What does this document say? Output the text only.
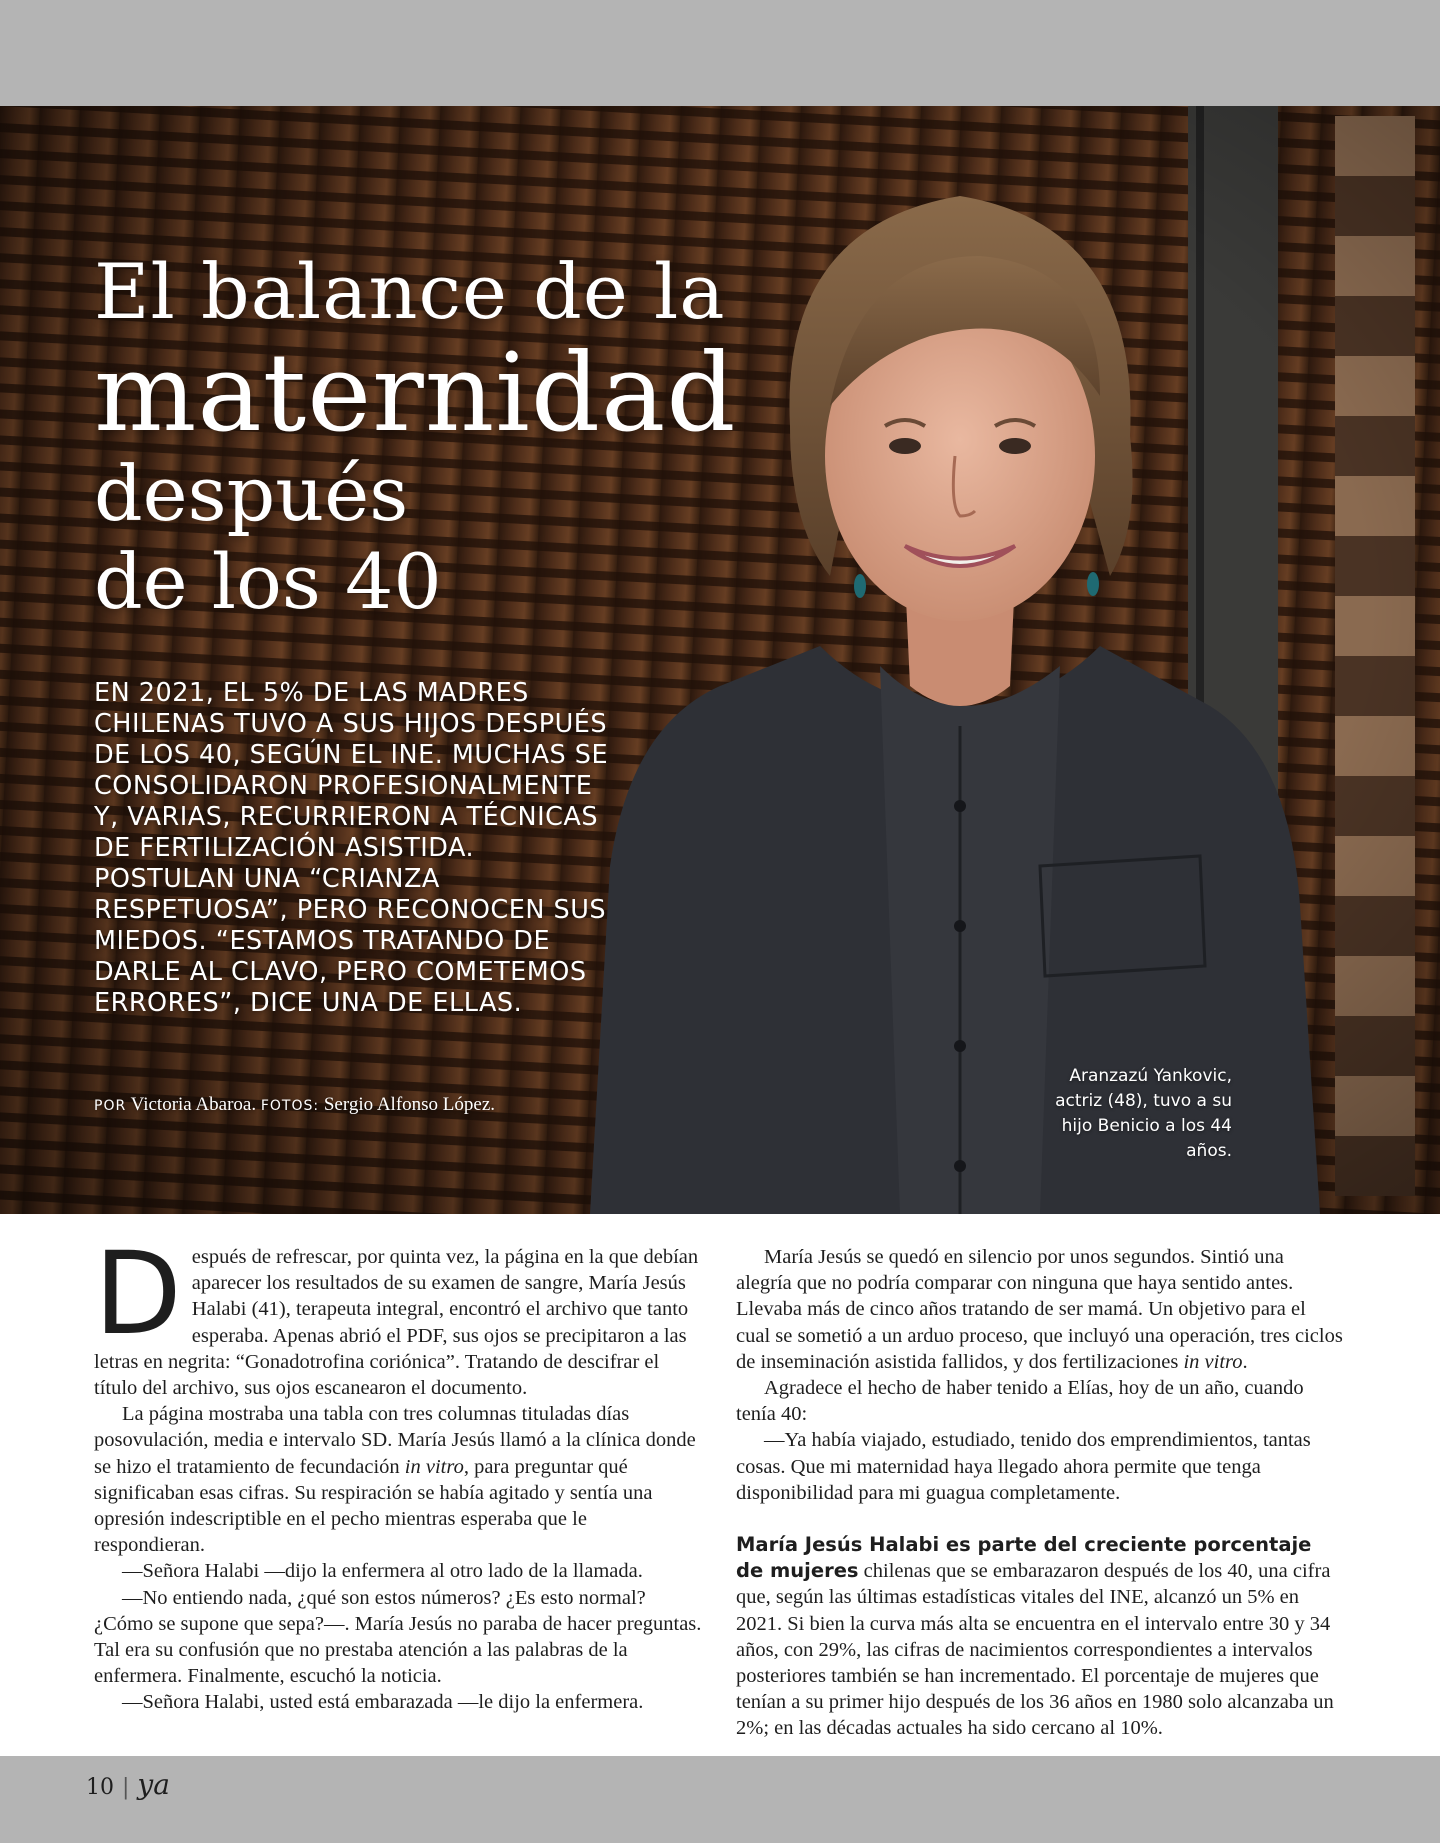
El balance de la
maternidad
después
de los 40
EN 2021, EL 5% DE LAS MADRES CHILENAS TUVO A SUS HIJOS DESPUÉS DE LOS 40, SEGÚN EL INE. MUCHAS SE CONSOLIDARON PROFESIONALMENTE Y, VARIAS, RECURRIERON A TÉCNICAS DE FERTILIZACIÓN ASISTIDA. POSTULAN UNA “CRIANZA RESPETUOSA”, PERO RECONOCEN SUS MIEDOS. “ESTAMOS TRATANDO DE DARLE AL CLAVO, PERO COMETEMOS ERRORES”, DICE UNA DE ELLAS.
POR Victoria Abaroa. FOTOS: Sergio Alfonso López.
Aranzazú Yankovic, actriz (48), tuvo a su hijo Benicio a los 44 años.

Después de refrescar, por quinta vez, la página en la que debían aparecer los resultados de su examen de sangre, María Jesús Halabi (41), terapeuta integral, encontró el archivo que tanto esperaba. Apenas abrió el PDF, sus ojos se precipitaron a las letras en negrita: “Gonadotrofina coriónica”. Tratando de descifrar el título del archivo, sus ojos escanearon el documento.

La página mostraba una tabla con tres columnas tituladas días posovulación, media e intervalo SD. María Jesús llamó a la clínica donde se hizo el tratamiento de fecundación in vitro, para preguntar qué significaban esas cifras. Su respiración se había agitado y sentía una opresión indescriptible en el pecho mientras esperaba que le respondieran.

—Señora Halabi —dijo la enfermera al otro lado de la llamada.

—No entiendo nada, ¿qué son estos números? ¿Es esto normal? ¿Cómo se supone que sepa?—. María Jesús no paraba de hacer preguntas. Tal era su confusión que no prestaba atención a las palabras de la enfermera. Finalmente, escuchó la noticia.

—Señora Halabi, usted está embarazada —le dijo la enfermera.

María Jesús se quedó en silencio por unos segundos. Sintió una alegría que no podría comparar con ninguna que haya sentido antes. Llevaba más de cinco años tratando de ser mamá. Un objetivo para el cual se sometió a un arduo proceso, que incluyó una operación, tres ciclos de inseminación asistida fallidos, y dos fertilizaciones in vitro.

Agradece el hecho de haber tenido a Elías, hoy de un año, cuando tenía 40:

—Ya había viajado, estudiado, tenido dos emprendimientos, tantas cosas. Que mi maternidad haya llegado ahora permite que tenga disponibilidad para mi guagua completamente.

María Jesús Halabi es parte del creciente porcentaje de mujeres chilenas que se embarazaron después de los 40, una cifra que, según las últimas estadísticas vitales del INE, alcanzó un 5% en 2021. Si bien la curva más alta se encuentra en el intervalo entre 30 y 34 años, con 29%, las cifras de nacimientos correspondientes a intervalos posteriores también se han incrementado. El porcentaje de mujeres que tenían a su primer hijo después de los 36 años en 1980 solo alcanzaba un 2%; en las décadas actuales ha sido cercano al 10%.

10 | ya
